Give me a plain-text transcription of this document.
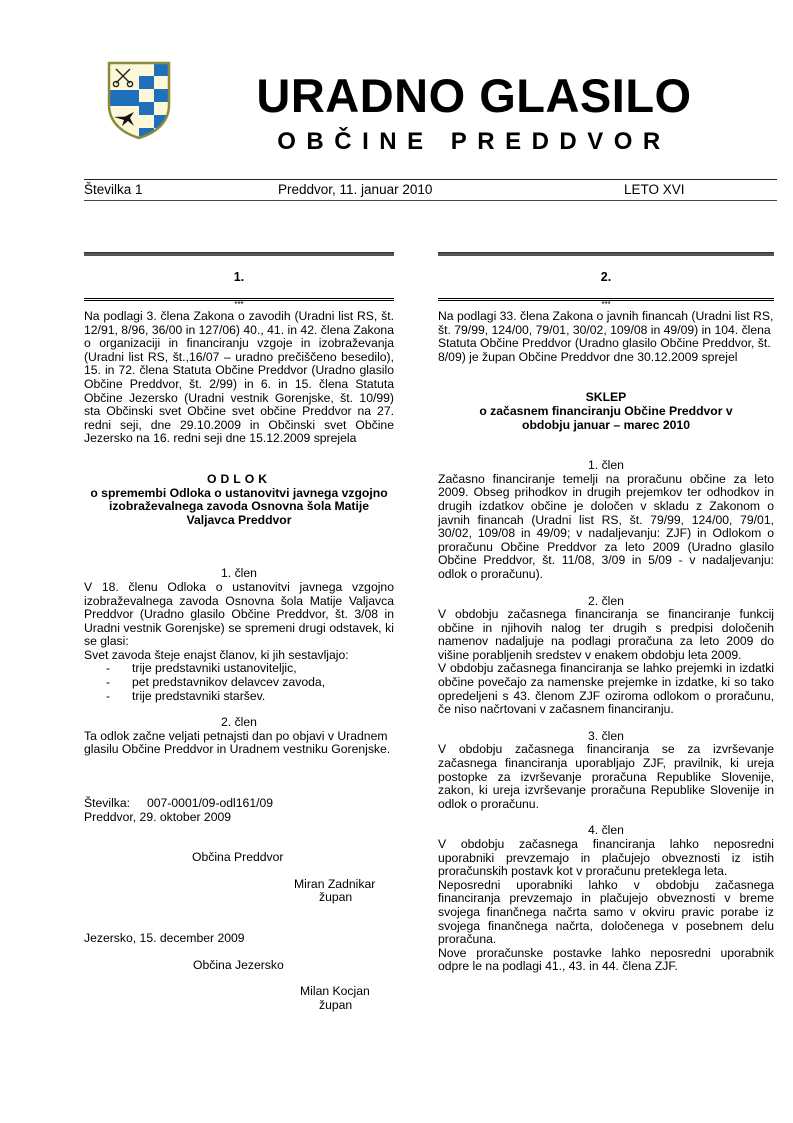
URADNO GLASILO
OBČINE PREDDVOR
Številka 1	Preddvor, 11. januar 2010	LETO XVI
1.
***

Na podlagi 3. člena Zakona o zavodih (Uradni list RS, št. 12/91, 8/96, 36/00 in 127/06) 40., 41. in 42. člena Zakona o organizaciji in financiranju vzgoje in izobraževanja (Uradni list RS, št.,16/07 – uradno prečiščeno besedilo), 15. in 72. člena Statuta Občine Preddvor (Uradno glasilo Občine Preddvor, št. 2/99) in 6. in 15. člena Statuta Občine Jezersko (Uradni vestnik Gorenjske, št. 10/99) sta Občinski svet Občine svet občine Preddvor na 27. redni seji, dne 29.10.2009 in Občinski svet Občine Jezersko na 16. redni seji dne 15.12.2009 sprejela

ODLOK

o spremembi Odloka o ustanovitvi javnega vzgojno izobraževalnega zavoda Osnovna šola Matije Valjavca Preddvor

1. člen

V 18. členu Odloka o ustanovitvi javnega vzgojno izobraževalnega zavoda Osnovna šola Matije Valjavca Preddvor (Uradno glasilo Občine Preddvor, št. 3/08 in Uradni vestnik Gorenjske) se spremeni drugi odstavek, ki se glasi:

Svet zavoda šteje enajst članov, ki jih sestavljajo:

- trije predstavniki ustanoviteljic,
- pet predstavnikov delavcev zavoda,
- trije predstavniki staršev.

2. člen

Ta odlok začne veljati petnajsti dan po objavi v Uradnem glasilu Občine Preddvor in Uradnem vestniku Gorenjske.

Številka:     007-0001/09-odl161/09

Preddvor, 29. oktober 2009

Občina Preddvor

Miran Zadnikar

župan

Jezersko, 15. december 2009

Občina Jezersko

Milan Kocjan

župan

2.
***

Na podlagi 33. člena Zakona o javnih financah (Uradni list RS, št. 79/99, 124/00, 79/01, 30/02, 109/08 in 49/09) in 104. člena Statuta Občine Preddvor (Uradno glasilo Občine Preddvor, št. 8/09) je župan Občine Preddvor dne 30.12.2009 sprejel

SKLEP

o začasnem financiranju Občine Preddvor v obdobju januar – marec 2010

1. člen

Začasno financiranje temelji na proračunu občine za leto 2009. Obseg prihodkov in drugih prejemkov ter odhodkov in drugih izdatkov občine je določen v skladu z Zakonom o javnih financah (Uradni list RS, št. 79/99, 124/00, 79/01, 30/02, 109/08 in 49/09; v nadaljevanju: ZJF) in Odlokom o proračunu Občine Preddvor za leto 2009 (Uradno glasilo Občine Preddvor, št. 11/08, 3/09 in 5/09 - v nadaljevanju: odlok o proračunu).

2. člen

V obdobju začasnega financiranja se financiranje funkcij občine in njihovih nalog ter drugih s predpisi določenih namenov nadaljuje na podlagi proračuna za leto 2009 do višine porabljenih sredstev v enakem obdobju leta 2009.

V obdobju začasnega financiranja se lahko prejemki in izdatki občine povečajo za namenske prejemke in izdatke, ki so tako opredeljeni s 43. členom ZJF oziroma odlokom o proračunu, če niso načrtovani v začasnem financiranju.

3. člen

V obdobju začasnega financiranja se za izvrševanje začasnega financiranja uporabljajo ZJF, pravilnik, ki ureja postopke za izvrševanje proračuna Republike Slovenije, zakon, ki ureja izvrševanje proračuna Republike Slovenije in odlok o proračunu.

4. člen

V obdobju začasnega financiranja lahko neposredni uporabniki prevzemajo in plačujejo obveznosti iz istih proračunskih postavk kot v proračunu preteklega leta.

Neposredni uporabniki lahko v obdobju začasnega financiranja prevzemajo in plačujejo obveznosti v breme svojega finančnega načrta samo v okviru pravic porabe iz svojega finančnega načrta, določenega v posebnem delu proračuna.

Nove proračunske postavke lahko neposredni uporabnik odpre le na podlagi 41., 43. in 44. člena ZJF.
